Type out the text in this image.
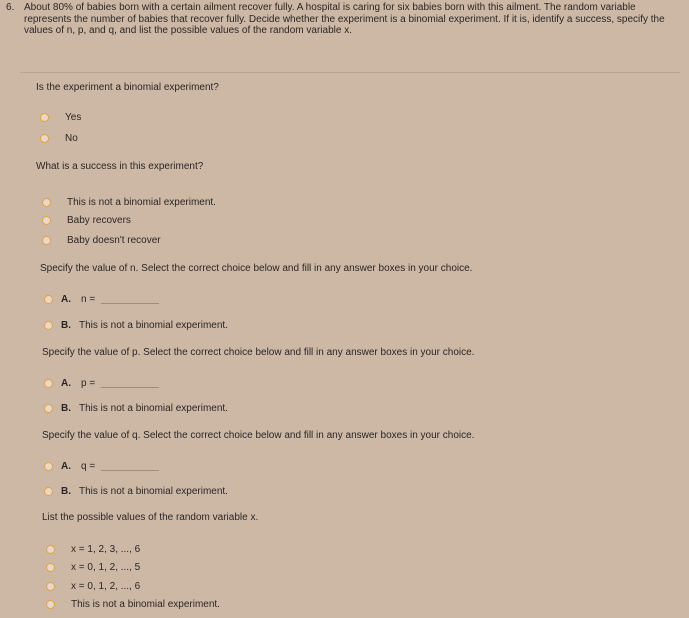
6. About 80% of babies born with a certain ailment recover fully. A hospital is caring for six babies born with this ailment. The random variable represents the number of babies that recover fully. Decide whether the experiment is a binomial experiment. If it is, identify a success, specify the values of n, p, and q, and list the possible values of the random variable x.
Is the experiment a binomial experiment?
Yes
No
What is a success in this experiment?
This is not a binomial experiment.
Baby recovers
Baby doesn't recover
Specify the value of n. Select the correct choice below and fill in any answer boxes in your choice.
A. n =
B. This is not a binomial experiment.
Specify the value of p. Select the correct choice below and fill in any answer boxes in your choice.
A. p =
B. This is not a binomial experiment.
Specify the value of q. Select the correct choice below and fill in any answer boxes in your choice.
A. q =
B. This is not a binomial experiment.
List the possible values of the random variable x.
x = 1, 2, 3, ..., 6
x = 0, 1, 2, ..., 5
x = 0, 1, 2, ..., 6
This is not a binomial experiment.
